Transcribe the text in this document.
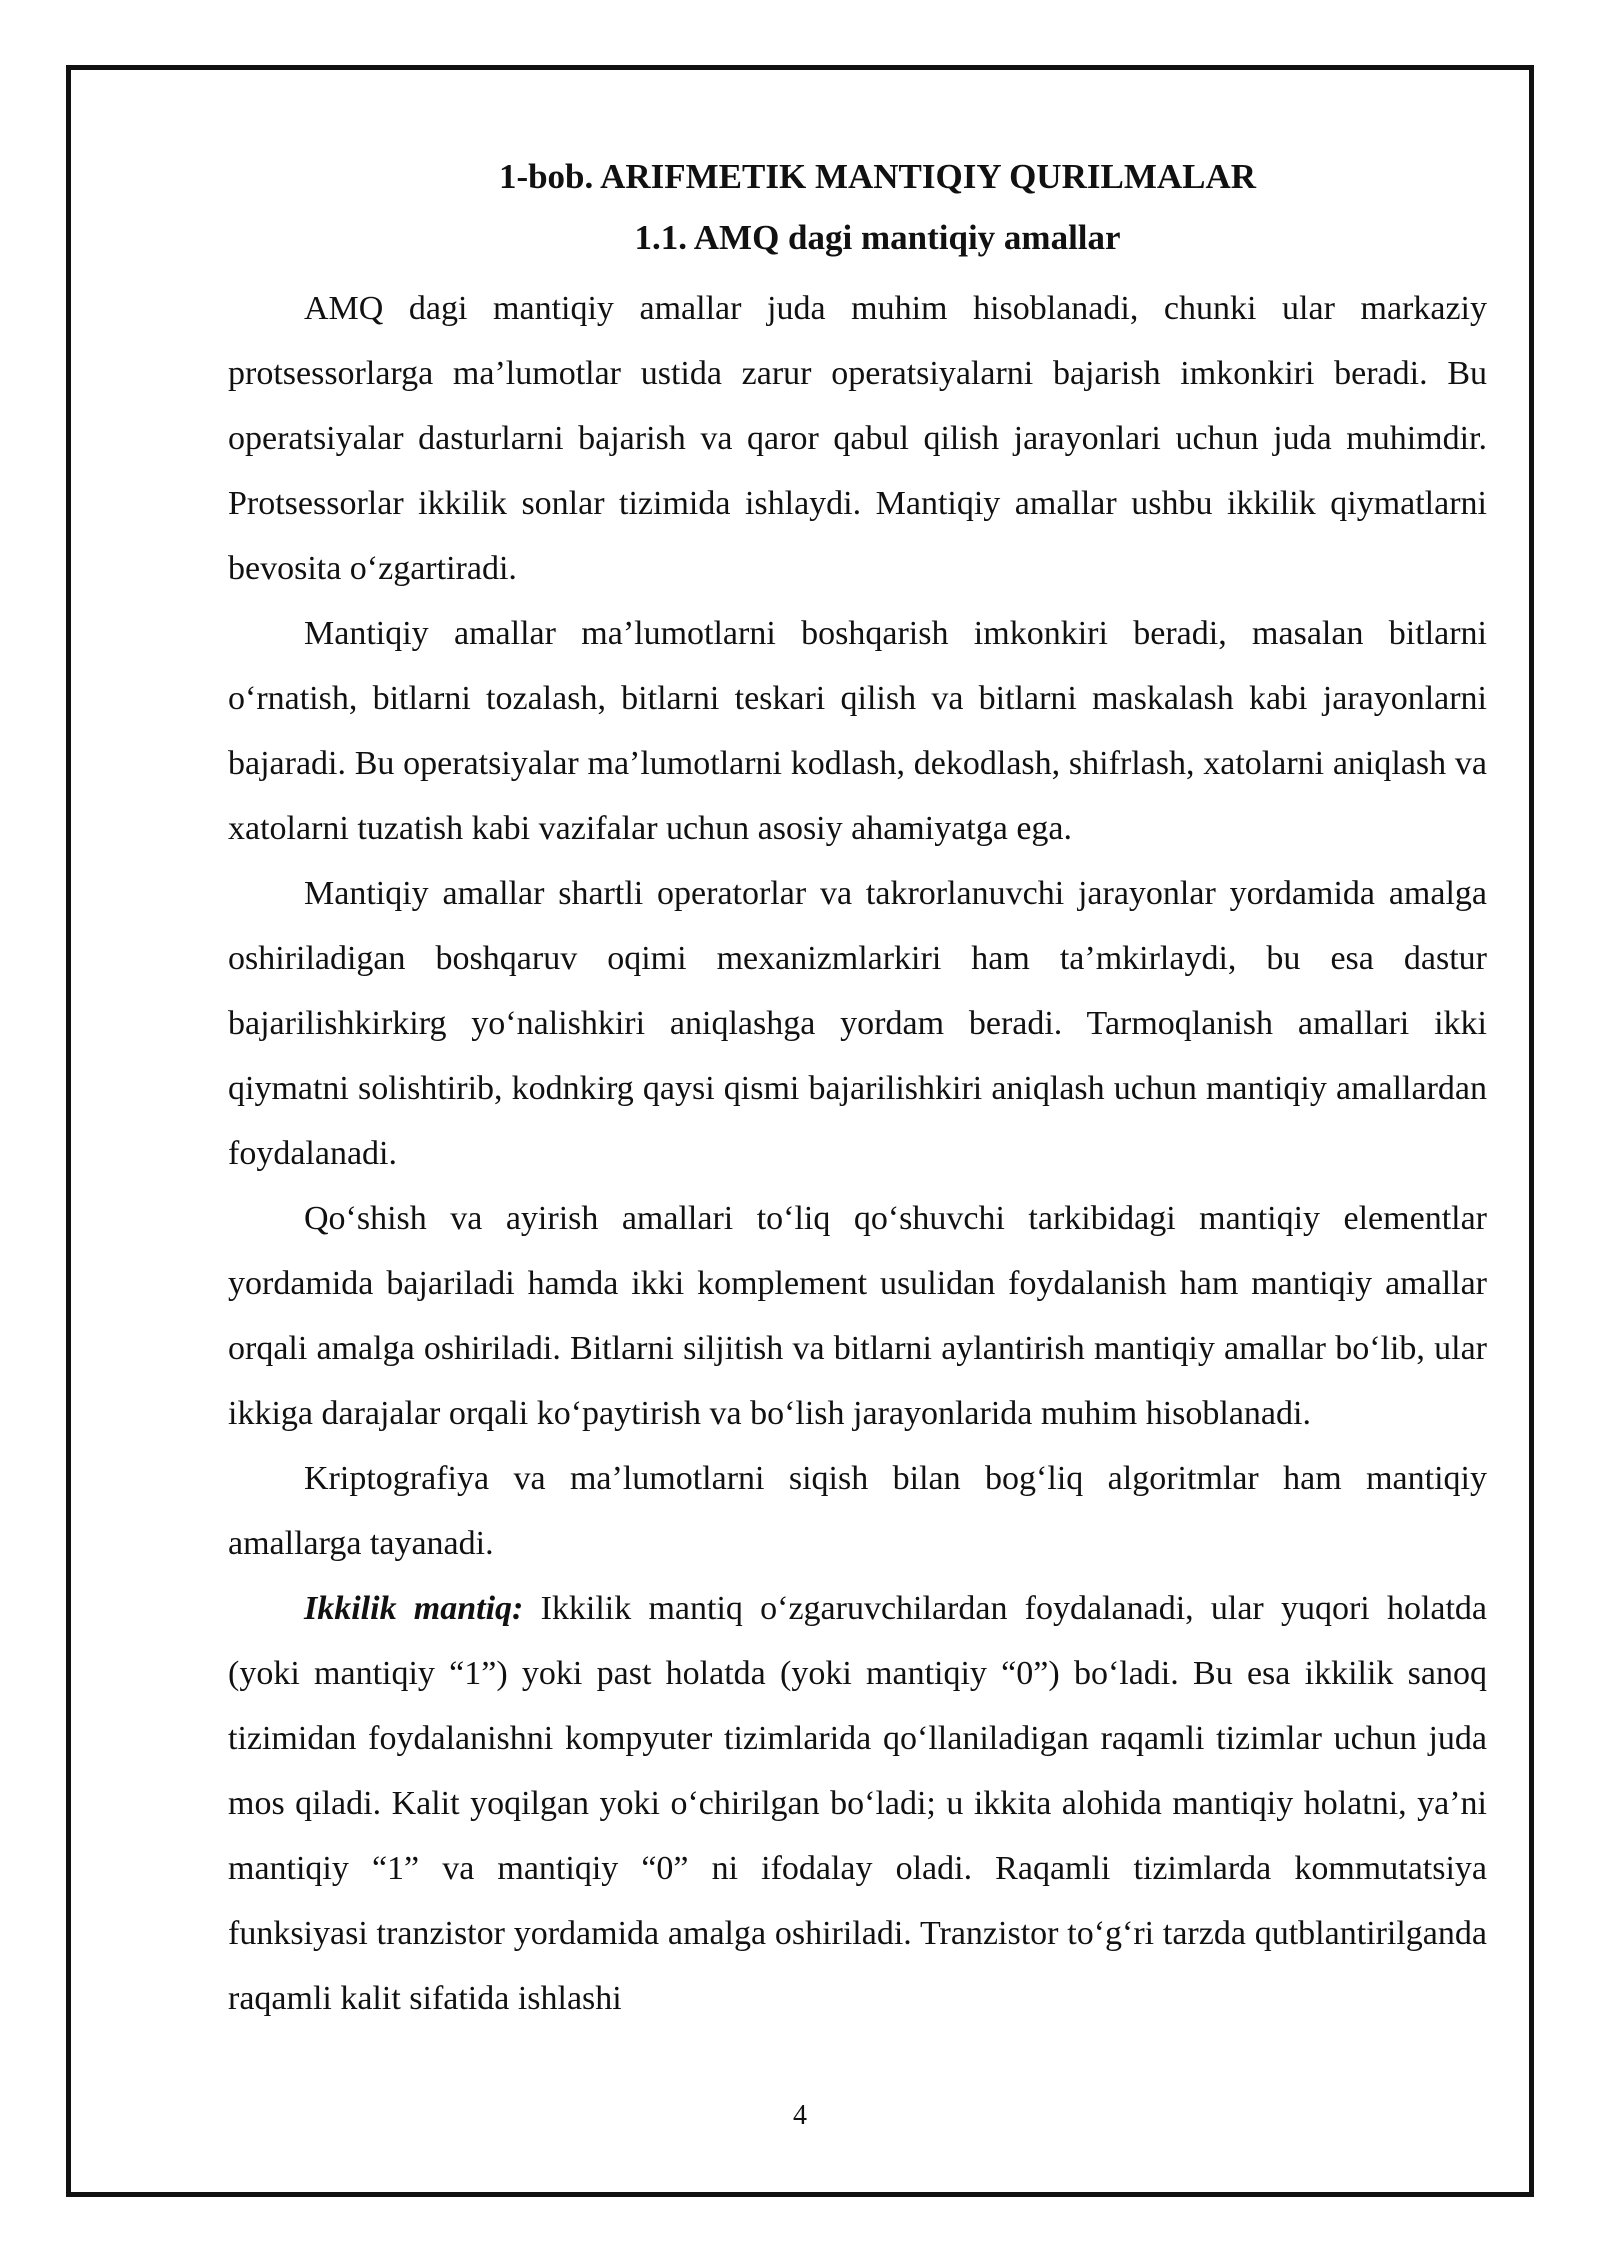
1-bob. ARIFMETIK MANTIQIY QURILMALAR
1.1. AMQ dagi mantiqiy amallar

AMQ dagi mantiqiy amallar juda muhim hisoblanadi, chunki ular markaziy protsessorlarga ma’lumotlar ustida zarur operatsiyalarni bajarish imkonkiri beradi. Bu operatsiyalar dasturlarni bajarish va qaror qabul qilish jarayonlari uchun juda muhimdir. Protsessorlar ikkilik sonlar tizimida ishlaydi. Mantiqiy amallar ushbu ikkilik qiymatlarni bevosita o‘zgartiradi.

Mantiqiy amallar ma’lumotlarni boshqarish imkonkiri beradi, masalan bitlarni o‘rnatish, bitlarni tozalash, bitlarni teskari qilish va bitlarni maskalash kabi jarayonlarni bajaradi. Bu operatsiyalar ma’lumotlarni kodlash, dekodlash, shifrlash, xatolarni aniqlash va xatolarni tuzatish kabi vazifalar uchun asosiy ahamiyatga ega.

Mantiqiy amallar shartli operatorlar va takrorlanuvchi jarayonlar yordamida amalga oshiriladigan boshqaruv oqimi mexanizmlarkiri ham ta’mkirlaydi, bu esa dastur bajarilishkirkirg yo‘nalishkiri aniqlashga yordam beradi. Tarmoqlanish amallari ikki qiymatni solishtirib, kodnkirg qaysi qismi bajarilishkiri aniqlash uchun mantiqiy amallardan foydalanadi.

Qo‘shish va ayirish amallari to‘liq qo‘shuvchi tarkibidagi mantiqiy elementlar yordamida bajariladi hamda ikki komplement usulidan foydalanish ham mantiqiy amallar orqali amalga oshiriladi. Bitlarni siljitish va bitlarni aylantirish mantiqiy amallar bo‘lib, ular ikkiga darajalar orqali ko‘paytirish va bo‘lish jarayonlarida muhim hisoblanadi.

Kriptografiya va ma’lumotlarni siqish bilan bog‘liq algoritmlar ham mantiqiy amallarga tayanadi.

Ikkilik mantiq: Ikkilik mantiq o‘zgaruvchilardan foydalanadi, ular yuqori holatda (yoki mantiqiy “1”) yoki past holatda (yoki mantiqiy “0”) bo‘ladi. Bu esa ikkilik sanoq tizimidan foydalanishni kompyuter tizimlarida qo‘llaniladigan raqamli tizimlar uchun juda mos qiladi. Kalit yoqilgan yoki o‘chirilgan bo‘ladi; u ikkita alohida mantiqiy holatni, ya’ni mantiqiy “1” va mantiqiy “0” ni ifodalay oladi. Raqamli tizimlarda kommutatsiya funksiyasi tranzistor yordamida amalga oshiriladi. Tranzistor to‘g‘ri tarzda qutblantirilganda raqamli kalit sifatida ishlashi

4
